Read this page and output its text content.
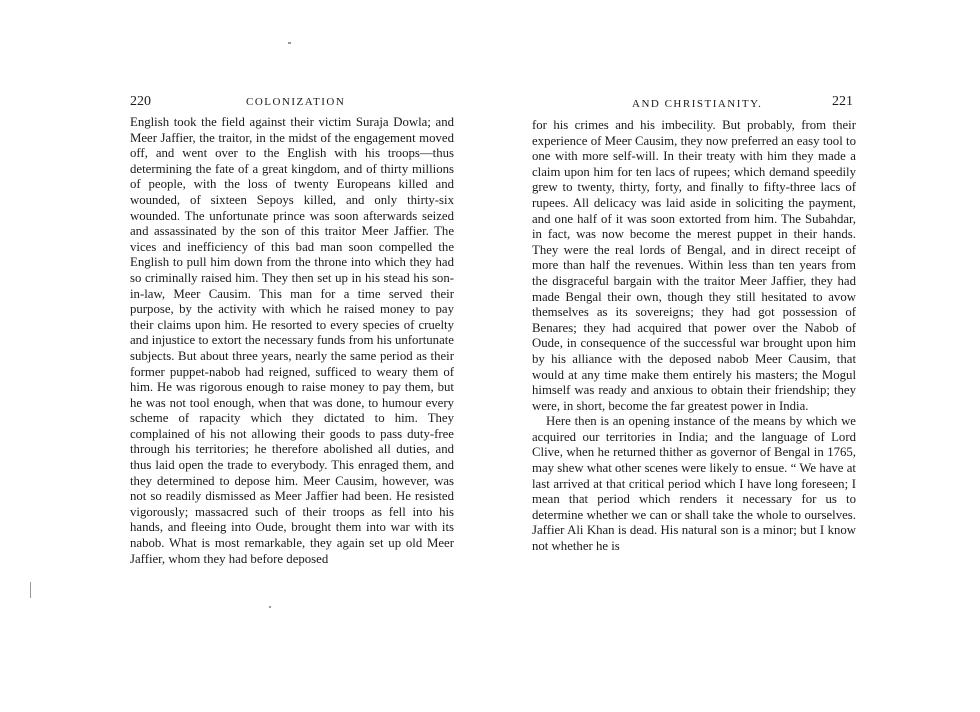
220	COLONIZATION

English took the field against their victim Suraja Dowla; and Meer Jaffier, the traitor, in the midst of the engagement moved off, and went over to the English with his troops—thus determining the fate of a great kingdom, and of thirty millions of people, with the loss of twenty Europeans killed and wounded, of sixteen Sepoys killed, and only thirty-six wounded. The unfortunate prince was soon afterwards seized and assassinated by the son of this traitor Meer Jaffier. The vices and inefficiency of this bad man soon compelled the English to pull him down from the throne into which they had so criminally raised him. They then set up in his stead his son-in-law, Meer Causim. This man for a time served their purpose, by the activity with which he raised money to pay their claims upon him. He resorted to every species of cruelty and injustice to extort the necessary funds from his unfortunate subjects. But about three years, nearly the same period as their former puppet-nabob had reigned, sufficed to weary them of him. He was rigorous enough to raise money to pay them, but he was not tool enough, when that was done, to humour every scheme of rapacity which they dictated to him. They complained of his not allowing their goods to pass duty-free through his territories; he therefore abolished all duties, and thus laid open the trade to everybody. This enraged them, and they determined to depose him. Meer Causim, however, was not so readily dismissed as Meer Jaffier had been. He resisted vigorously; massacred such of their troops as fell into his hands, and fleeing into Oude, brought them into war with its nabob. What is most remarkable, they again set up old Meer Jaffier, whom they had before deposed

AND CHRISTIANITY.	221

for his crimes and his imbecility. But probably, from their experience of Meer Causim, they now preferred an easy tool to one with more self-will. In their treaty with him they made a claim upon him for ten lacs of rupees; which demand speedily grew to twenty, thirty, forty, and finally to fifty-three lacs of rupees. All delicacy was laid aside in soliciting the payment, and one half of it was soon extorted from him. The Subahdar, in fact, was now become the merest puppet in their hands. They were the real lords of Bengal, and in direct receipt of more than half the revenues. Within less than ten years from the disgraceful bargain with the traitor Meer Jaffier, they had made Bengal their own, though they still hesitated to avow themselves as its sovereigns; they had got possession of Benares; they had acquired that power over the Nabob of Oude, in consequence of the successful war brought upon him by his alliance with the deposed nabob Meer Causim, that would at any time make them entirely his masters; the Mogul himself was ready and anxious to obtain their friendship; they were, in short, become the far greatest power in India.

Here then is an opening instance of the means by which we acquired our territories in India; and the language of Lord Clive, when he returned thither as governor of Bengal in 1765, may shew what other scenes were likely to ensue. “ We have at last arrived at that critical period which I have long foreseen; I mean that period which renders it necessary for us to determine whether we can or shall take the whole to ourselves. Jaffier Ali Khan is dead. His natural son is a minor; but I know not whether he is
